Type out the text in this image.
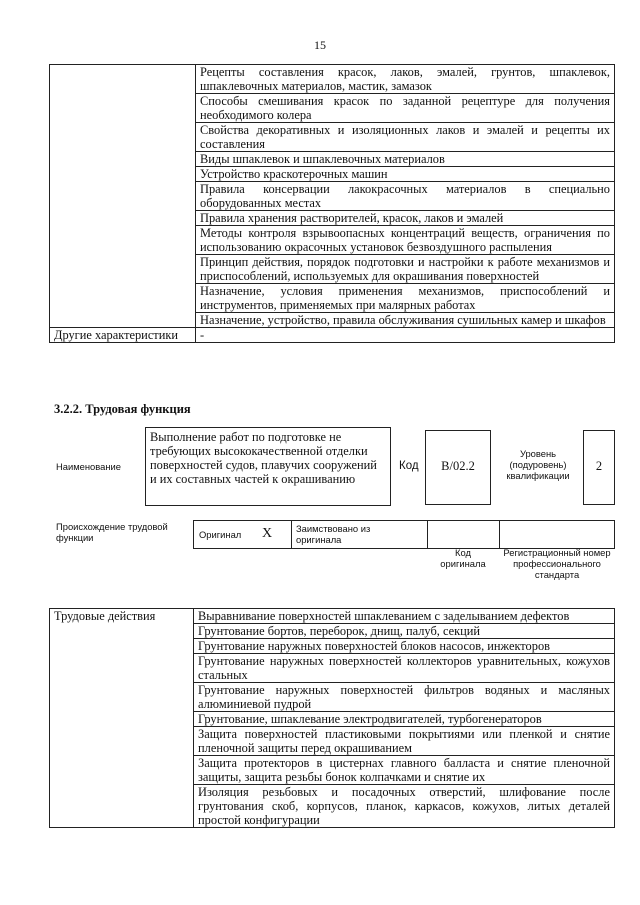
15
	Рецепты составления красок, лаков, эмалей, грунтов, шпаклевок, шпаклевочных материалов, мастик, замазок
	Способы смешивания красок по заданной рецептуре для получения необходимого колера
	Свойства декоративных и изоляционных лаков и эмалей и рецепты их составления
	Виды шпаклевок и шпаклевочных материалов
	Устройство краскотерочных машин
	Правила консервации лакокрасочных материалов в специально оборудованных местах
	Правила хранения растворителей, красок, лаков и эмалей
	Методы контроля взрывоопасных концентраций веществ, ограничения по использованию окрасочных установок безвоздушного распыления
	Принцип действия, порядок подготовки и настройки к работе механизмов и приспособлений, используемых для окрашивания поверхностей
	Назначение, условия применения механизмов, приспособлений и инструментов, применяемых при малярных работах
	Назначение, устройство, правила обслуживания сушильных камер и шкафов
Другие характеристики	-
3.2.2. Трудовая функция
Наименование
Выполнение работ по подготовке не требующих высококачественной отделки поверхностей судов, плавучих сооружений и их составных частей к окрашиванию
Код	B/02.2
Уровень (подуровень) квалификации
2
Происхождение трудовой функции	Оригинал X	Заимствовано из оригинала
Код оригинала
Регистрационный номер профессионального стандарта
Трудовые действия	Выравнивание поверхностей шпаклеванием с заделыванием дефектов
Грунтование бортов, переборок, днищ, палуб, секций
Грунтование наружных поверхностей блоков насосов, инжекторов
Грунтование наружных поверхностей коллекторов уравнительных, кожухов стальных
Грунтование наружных поверхностей фильтров водяных и масляных алюминиевой пудрой
Грунтование, шпаклевание электродвигателей, турбогенераторов
Защита поверхностей пластиковыми покрытиями или пленкой и снятие пленочной защиты перед окрашиванием
Защита протекторов в цистернах главного балласта и снятие пленочной защиты, защита резьбы бонок колпачками и снятие их
Изоляция резьбовых и посадочных отверстий, шлифование после грунтования скоб, корпусов, планок, каркасов, кожухов, литых деталей простой конфигурации
